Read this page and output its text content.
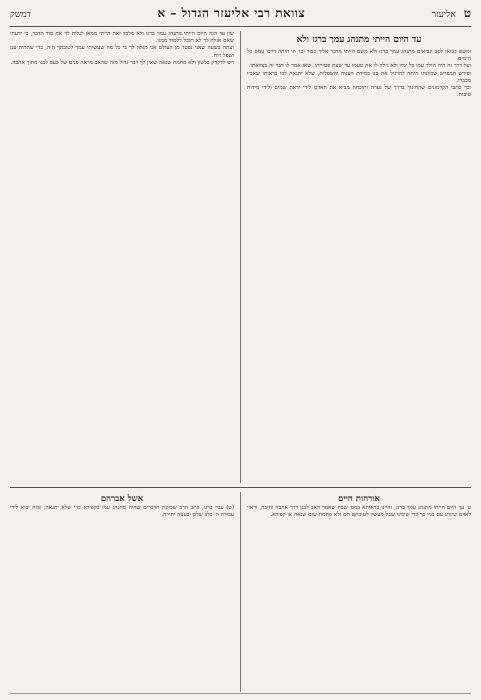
ט
אליעזר
צוואת רבי אליעזר הגדול – א
דמשק
עד היום הייתי מתנהג עמך ברגז ולא

ומשם כבואו לסב ונביאים מתנהג עמך ברגז ולא משם הייתי מדבר אליך כבוד וכו׳ וזו היתה דרכו עמם כל הימים.

ועל דרך זה היה הולך עמו כל ימיו ולא גילה לו את טעמו עד שעת פטירתו, שאז אמר לו דבר זה בצוואתו.

ופירש המפרש שכוונתו היתה להרגיל את בנו במידת הענוה והשפלות, שלא יתגאה לבו בראותו שאביו מכבדו.

וכך כתבו הקדמונים שהחינוך בדרך של גערה ותוכחה מביא את האדם לידי יראת שמים ולידי מידות טובות.

שון עד הנה היום הייתי מתנהג עמך ברגז ולא מלבד זאת הייתי ממאן לגלות לך את סוד הדבר, כי ידעתי שאם אגלה לך לא תוכל ללמוד ממנו.

ועתה בשעה שאני נפטר מן העולם אני מגלה לך כי כל מה שעשיתי עמך לטובתך היה, כדי שתהיה ענו ושפל רוח.

ויש לדקדק בלשון ולא מחמת שנאה שאין לך דבר גדול מזה שהאב מראה פנים של כעס לבנו מתוך אהבה.

אורחות חיים

ט׳ עד היום הייתי מתנהג עמך ברגז, והיינו כדאיתא במס׳ שבת שאמר האב לבנו דרך אהבה וחיבה, וראוי לאדם שינהג עם בניו כך כדי שיבינו שכל מעשיו לטובתם הם ולא מחמת שום שנאה או קפידא.

אשל אברהם

(ט) עבר ברגז, כתב הרב שכוונת הדברים שהיה מתנהג עמו בקפידא כדי שלא יתגאה, ובזה יבוא לידי עבודת ה׳ בלב שלם ובענוה יתירה.
